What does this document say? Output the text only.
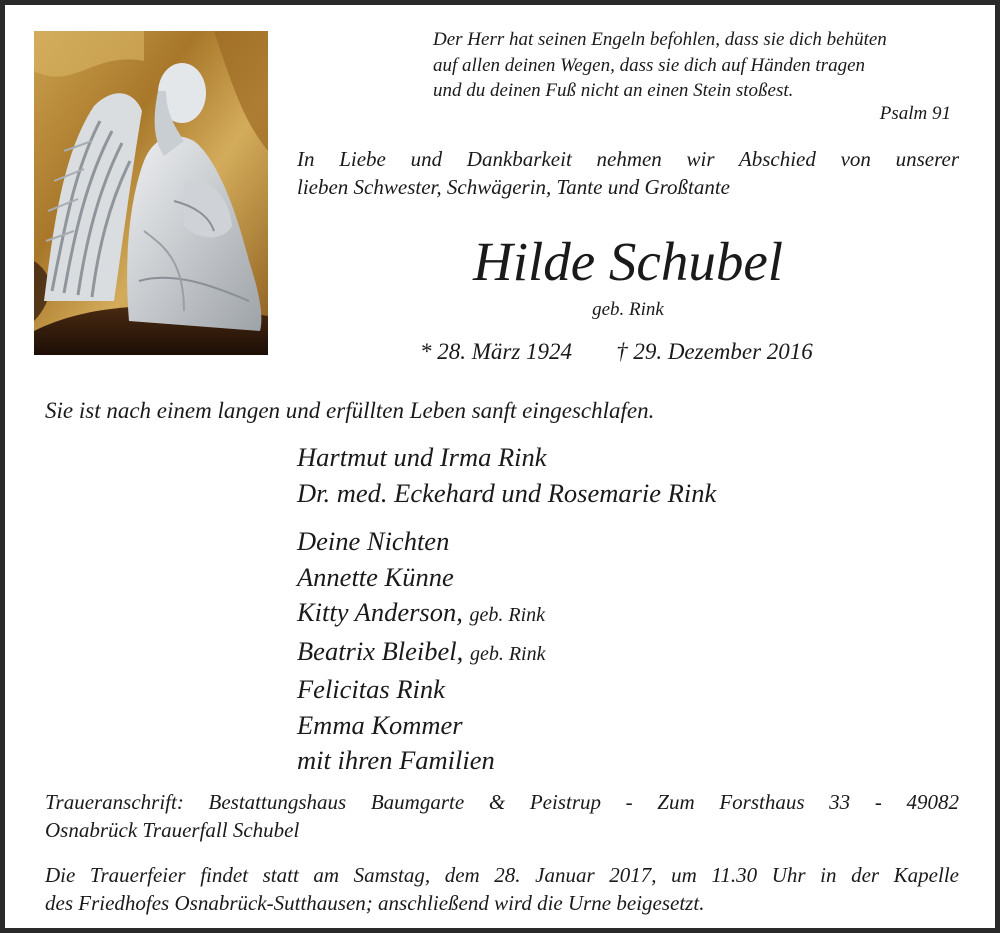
Der Herr hat seinen Engeln befohlen, dass sie dich behüten
auf allen deinen Wegen, dass sie dich auf Händen tragen
und du deinen Fuß nicht an einen Stein stoßest.
Psalm 91

In Liebe und Dankbarkeit nehmen wir Abschied von unserer

lieben Schwester, Schwägerin, Tante und Großtante

Hilde Schubel
geb. Rink
* 28. März 1924 † 29. Dezember 2016
Sie ist nach einem langen und erfüllten Leben sanft eingeschlafen.
Hartmut und Irma Rink
Dr. med. Eckehard und Rosemarie Rink
Deine Nichten
Annette Künne
Kitty Anderson, geb. Rink
Beatrix Bleibel, geb. Rink
Felicitas Rink
Emma Kommer
mit ihren Familien

Traueranschrift: Bestattungshaus Baumgarte & Peistrup - Zum Forsthaus 33 - 49082

Osnabrück Trauerfall Schubel

Die Trauerfeier findet statt am Samstag, dem 28. Januar 2017, um 11.30 Uhr in der Kapelle

des Friedhofes Osnabrück-Sutthausen; anschließend wird die Urne beigesetzt.
